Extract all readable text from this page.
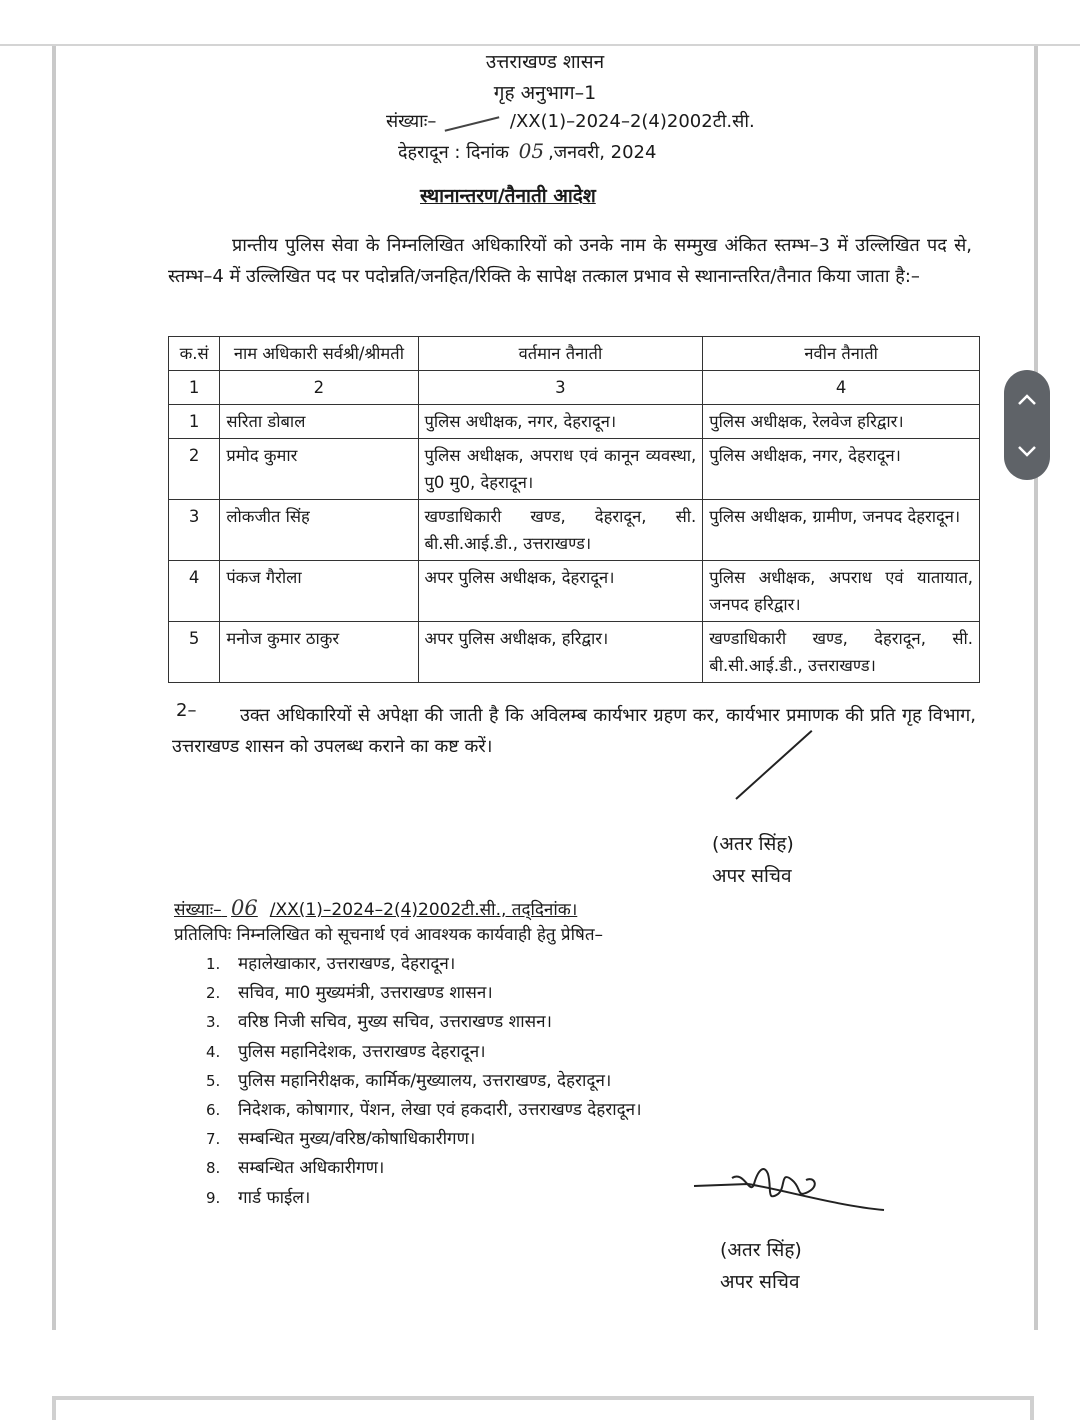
उत्तराखण्ड शासन
गृह अनुभाग–1
संख्याः–	/XX(1)–2024–2(4)2002टी.सी.
देहरादून : दिनांक 05 ,जनवरी, 2024
स्थानान्तरण/तैनाती आदेश
प्रान्तीय पुलिस सेवा के निम्नलिखित अधिकारियों को उनके नाम के सम्मुख अंकित स्तम्भ–3 में उल्लिखित पद से, स्तम्भ–4 में उल्लिखित पद पर पदोन्नति/जनहित/रिक्ति के सापेक्ष तत्काल प्रभाव से स्थानान्तरित/तैनात किया जाता है:–
क.सं	नाम अधिकारी सर्वश्री/श्रीमती	वर्तमान तैनाती	नवीन तैनाती
1	2	3	4
1	सरिता डोबाल	पुलिस अधीक्षक, नगर, देहरादून।	पुलिस अधीक्षक, रेलवेज हरिद्वार।
2	प्रमोद कुमार	पुलिस अधीक्षक, अपराध एवं कानून व्यवस्था, पु0 मु0, देहरादून।	पुलिस अधीक्षक, नगर, देहरादून।
3	लोकजीत सिंह	खण्डाधिकारी खण्ड, देहरादून, सी. बी.सी.आई.डी., उत्तराखण्ड।	पुलिस अधीक्षक, ग्रामीण, जनपद देहरादून।
4	पंकज गैरोला	अपर पुलिस अधीक्षक, देहरादून।	पुलिस अधीक्षक, अपराध एवं यातायात, जनपद हरिद्वार।
5	मनोज कुमार ठाकुर	अपर पुलिस अधीक्षक, हरिद्वार।	खण्डाधिकारी खण्ड, देहरादून, सी. बी.सी.आई.डी., उत्तराखण्ड।
2–	उक्त अधिकारियों से अपेक्षा की जाती है कि अविलम्ब कार्यभार ग्रहण कर, कार्यभार प्रमाणक की प्रति गृह विभाग, उत्तराखण्ड शासन को उपलब्ध कराने का कष्ट करें।
(अतर सिंह)
अपर सचिव
संख्याः– 06 /XX(1)–2024–2(4)2002टी.सी., तद्‌दिनांक।
प्रतिलिपिः निम्नलिखित को सूचनार्थ एवं आवश्यक कार्यवाही हेतु प्रेषित–
1. महालेखाकार, उत्तराखण्ड, देहरादून।
2. सचिव, मा0 मुख्यमंत्री, उत्तराखण्ड शासन।
3. वरिष्ठ निजी सचिव, मुख्य सचिव, उत्तराखण्ड शासन।
4. पुलिस महानिदेशक, उत्तराखण्ड देहरादून।
5. पुलिस महानिरीक्षक, कार्मिक/मुख्यालय, उत्तराखण्ड, देहरादून।
6. निदेशक, कोषागार, पेंशन, लेखा एवं हकदारी, उत्तराखण्ड देहरादून।
7. सम्बन्धित मुख्य/वरिष्ठ/कोषाधिकारीगण।
8. सम्बन्धित अधिकारीगण।
9. गार्ड फाईल।
(अतर सिंह)
अपर सचिव
